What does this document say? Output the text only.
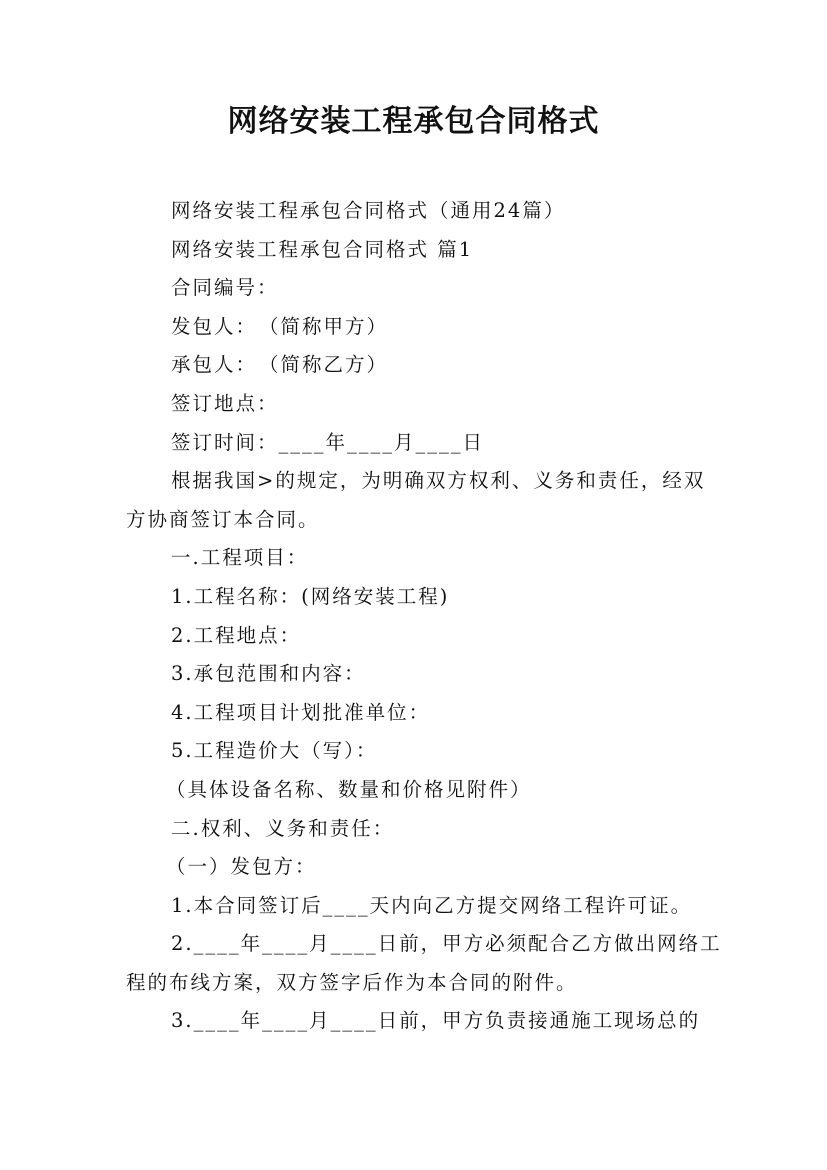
网络安装工程承包合同格式

网络安装工程承包合同格式（通用24篇）

网络安装工程承包合同格式 篇1

合同编号：

发包人：　（简称甲方）

承包人：　（简称乙方）

签订地点：

签订时间：____年____月____日

根据我国>的规定，为明确双方权利、义务和责任，经双方协商签订本合同。

一.工程项目：

1.工程名称：(网络安装工程)

2.工程地点：

3.承包范围和内容：

4.工程项目计划批准单位：

5.工程造价大（写）：

（具体设备名称、数量和价格见附件）

二.权利、义务和责任：

（一）发包方：

1.本合同签订后____天内向乙方提交网络工程许可证。

2.____年____月____日前，甲方必须配合乙方做出网络工程的布线方案，双方签字后作为本合同的附件。

3.____年____月____日前，甲方负责接通施工现场总的
